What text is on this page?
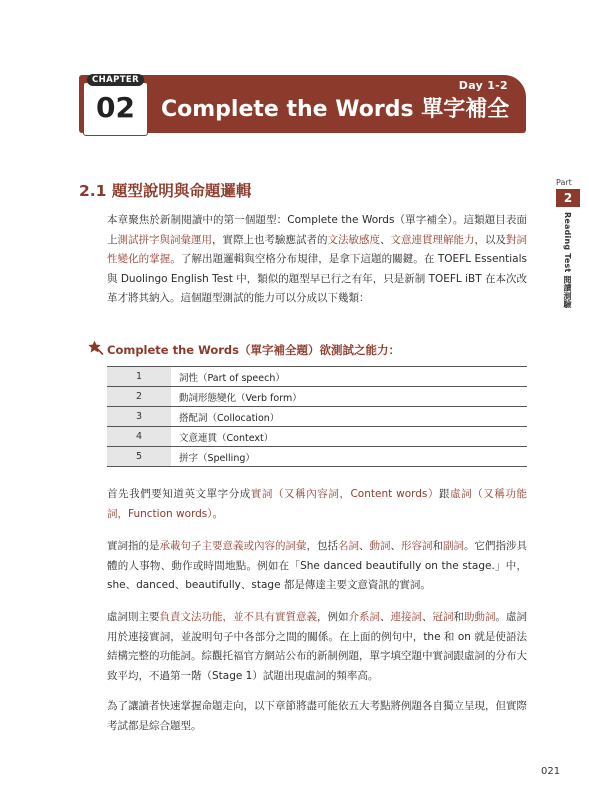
Day 1-2
Complete the Words 單字補全
CHAPTER
02
Part
2
Reading Test 閱讀測驗
2.1 題型說明與命題邏輯

本章聚焦於新制閱讀中的第一個題型：Complete the Words（單字補全）。這類題目表面上測試拼字與詞彙運用，實際上也考驗應試者的文法敏感度、文意連貫理解能力，以及對詞性變化的掌握。了解出題邏輯與空格分布規律，是拿下這題的關鍵。在 TOEFL Essentials 與 Duolingo English Test 中，類似的題型早已行之有年，只是新制 TOEFL iBT 在本次改革才將其納入。這個題型測試的能力可以分成以下幾類：

Complete the Words（單字補全題）欲測試之能力：
1	詞性（Part of speech）
2	動詞形態變化（Verb form）
3	搭配詞（Collocation）
4	文意連貫（Context）
5	拼字（Spelling）

首先我們要知道英文單字分成實詞（又稱內容詞，Content words）跟虛詞（又稱功能詞，Function words）。

實詞指的是承載句子主要意義或內容的詞彙，包括名詞、動詞、形容詞和副詞。它們指涉具體的人事物、動作或時間地點。例如在「She danced beautifully on the stage.」中，she、danced、beautifully、stage 都是傳達主要文意資訊的實詞。

虛詞則主要負責文法功能，並不具有實質意義，例如介系詞、連接詞、冠詞和助動詞。虛詞用於連接實詞，並說明句子中各部分之間的關係。在上面的例句中，the 和 on 就是使語法結構完整的功能詞。綜觀托福官方網站公布的新制例題，單字填空題中實詞跟虛詞的分布大致平均，不過第一階（Stage 1）試題出現虛詞的頻率高。

為了讓讀者快速掌握命題走向，以下章節將盡可能依五大考點將例題各自獨立呈現，但實際考試都是綜合題型。

021
